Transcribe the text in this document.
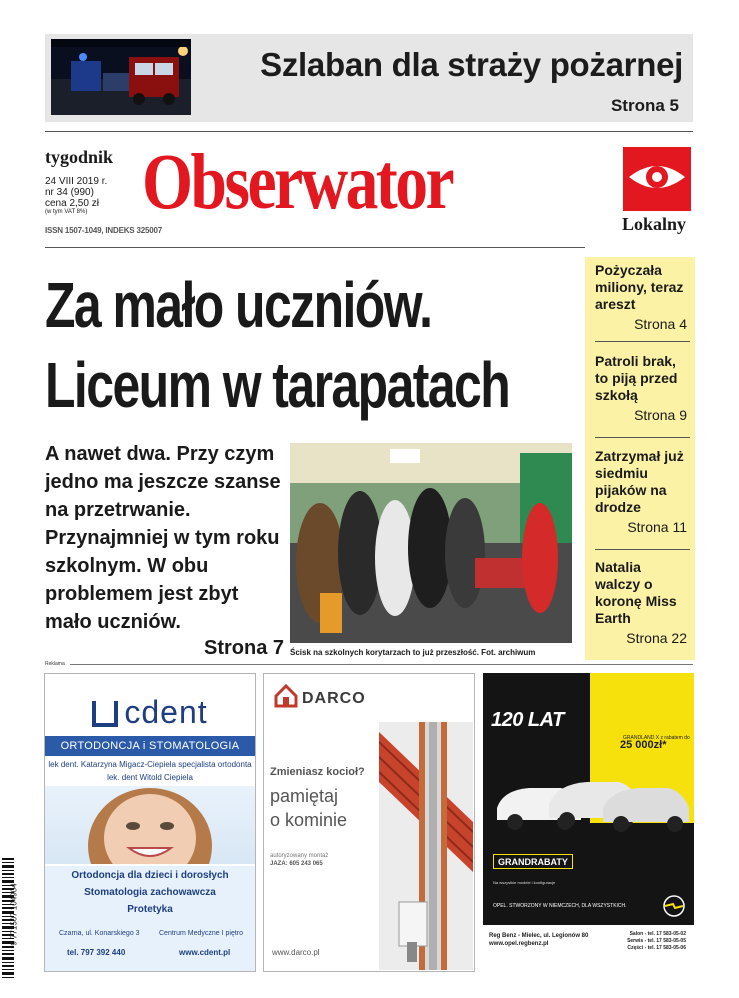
Szlaban dla straży pożarnej
Strona 5
tygodnik
24 VIII 2019 r.
nr 34 (990)
cena 2,50 zł
(w tym VAT 8%)
ISSN 1507-1049, INDEKS 325007
Obserwator	Lokalny
Za mało uczniów.
Liceum w tarapatach
A nawet dwa. Przy czym jedno ma jeszcze szanse na przetrwanie. Przynajmniej w tym roku szkolnym. W obu problemem jest zbyt mało uczniów.
Strona 7 Ścisk na szkolnych korytarzach to już przeszłość. Fot. archiwum
Pożyczała miliony, teraz areszt
Strona 4
Patroli brak, to piją przed szkołą
Strona 9
Zatrzymał już siedmiu pijaków na drodze
Strona 11
Natalia walczy o koronę Miss Earth
Strona 22
Reklama
cdent
ORTODONCJA i STOMATOLOGIA
lek dent. Katarzyna Migacz-Ciepiela specjalista ortodonta
lek. dent Witold Ciepiela
Ortodoncja dla dzieci i dorosłych
Stomatologia zachowawcza
Protetyka
Czarna, ul. Konarskiego 3	Centrum Medyczne I piętro
tel. 797 392 440	www.cdent.pl
DARCO
Zmieniasz kocioł?
pamiętaj
o kominie
autoryzowany montaż
JAZA: 605 243 065
www.darco.pl
120 LAT
GRANDLAND X z rabatem do
25 000zł*
GRANDRABATY
Na wszystkie modele i konfiguracje
OPEL. STWORZONY W NIEMCZECH, DLA WSZYSTKICH.
Reg Benz - Mielec, ul. Legionów 80
www.opel.regbenz.pl
Salon - tel. 17 583-05-02
Serwis - tel. 17 583-05-05
Części - tel. 17 583-05-06
9 771507 104904
